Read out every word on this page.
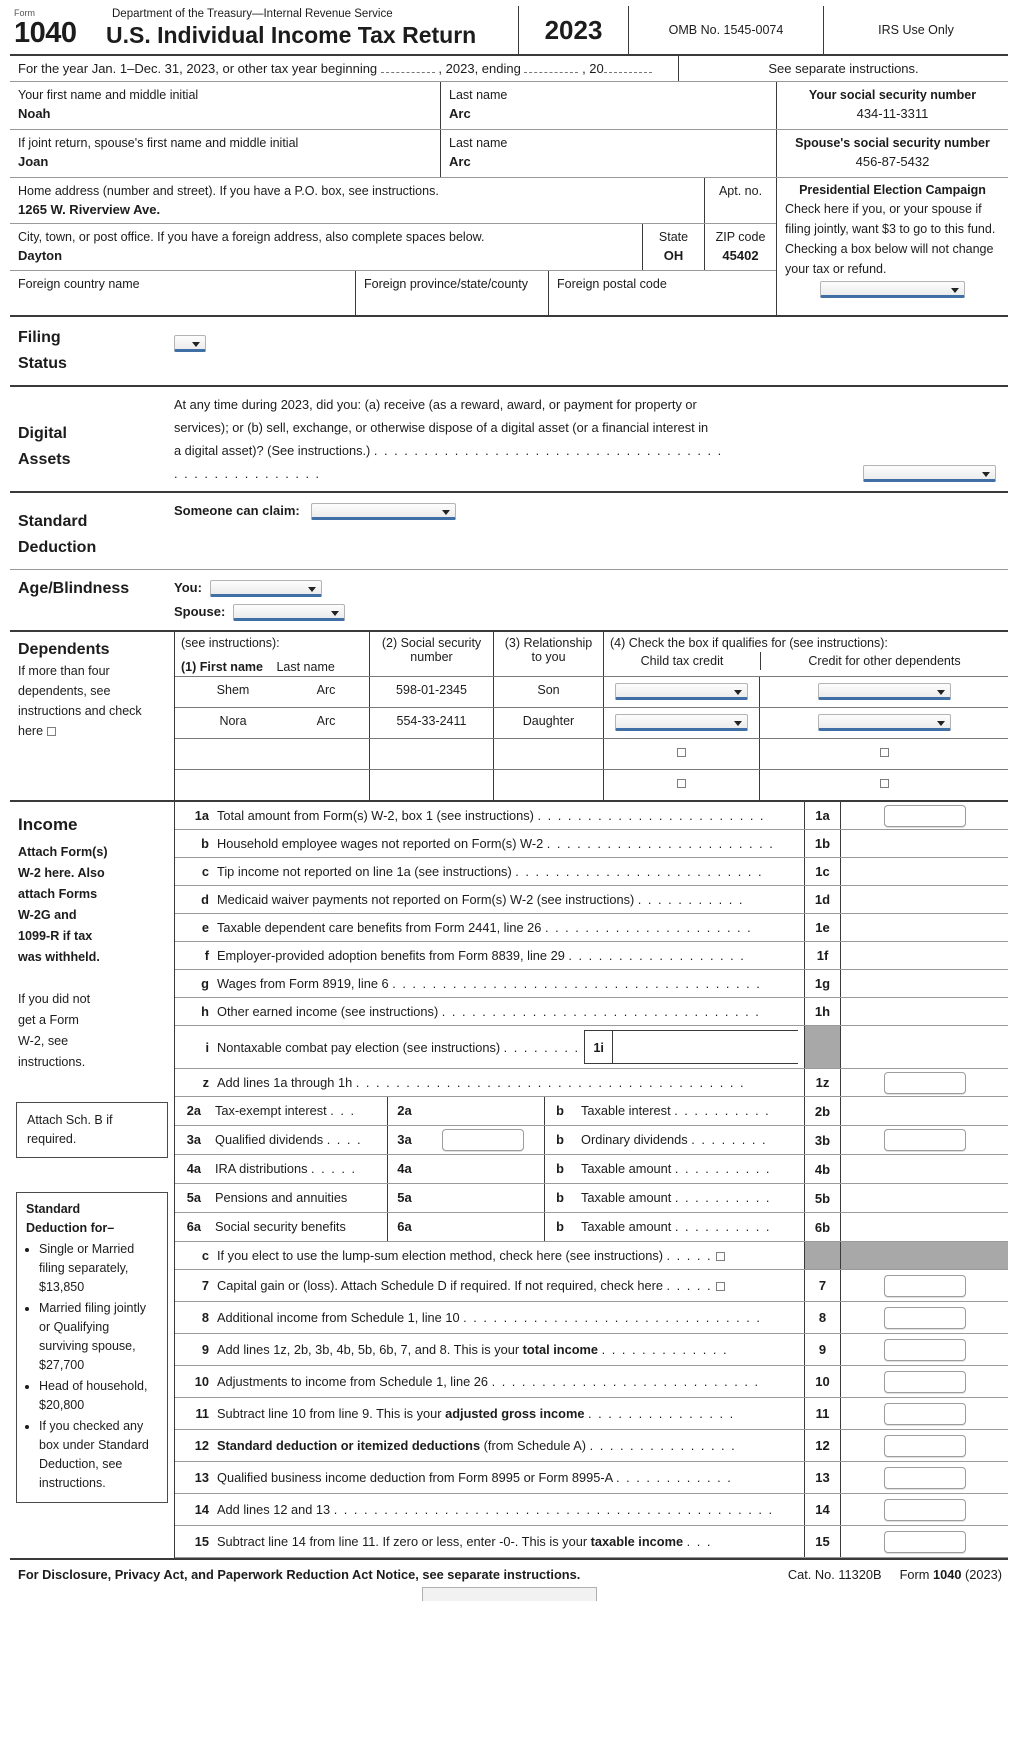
Form
1040
Department of the Treasury—Internal Revenue Service
U.S. Individual Income Tax Return	2023	OMB No. 1545-0074	IRS Use Only
For the year Jan. 1–Dec. 31, 2023, or other tax year beginning	, 2023, ending	, 20	See separate instructions.
Your first name and middle initial
Noah
Last name
Arc
Your social security number
434-11-3311
If joint return, spouse's first name and middle initial
Joan
Last name
Arc
Spouse's social security number
456-87-5432
Home address (number and street). If you have a P.O. box, see instructions.
1265 W. Riverview Ave.
Apt. no.
City, town, or post office. If you have a foreign address, also complete spaces below.
Dayton
State
OH
ZIP code
45402
Foreign country name	Foreign province/state/county	Foreign postal code
Presidential Election Campaign
Check here if you, or your spouse if filing jointly, want $3 to go to this fund. Checking a box below will not change your tax or refund.
Filing
Status
Digital
Assets
At any time during 2023, did you: (a) receive (as a reward, award, or payment for property or
services); or (b) sell, exchange, or otherwise dispose of a digital asset (or a financial interest in
a digital asset)? (See instructions.) . . . . . . . . . . . . . . . . . . . . . . . . . . . . . . . . . . .
. . . . . . . . . . . . . . .
Standard
Deduction
Someone can claim:
Age/Blindness	You:
Spouse:
Dependents
If more than four
dependents, see
instructions and check
here
(see instructions):
(1) First name Last name
(2) Social security
number
(3) Relationship
to you
(4) Check the box if qualifies for (see instructions):
Child tax credit	Credit for other dependents
Shem	Arc	598-01-2345	Son
Nora	Arc	554-33-2411	Daughter
Income
Attach Form(s)
W-2 here. Also
attach Forms
W-2G and
1099-R if tax
was withheld.

If you did not
get a Form
W-2, see
instructions.
Attach Sch. B if required.
Standard
Deduction for–
• Single or Married filing separately, $13,850
• Married filing jointly or Qualifying surviving spouse, $27,700
• Head of household, $20,800
• If you checked any box under Standard Deduction, see instructions.
1a Total amount from Form(s) W-2, box 1 (see instructions) . . . . . . . . . . . . . . . . . . . . . . .	1a
b Household employee wages not reported on Form(s) W-2 . . . . . . . . . . . . . . . . . . . . . . .	1b
c Tip income not reported on line 1a (see instructions) . . . . . . . . . . . . . . . . . . . . . . . . .	1c
d Medicaid waiver payments not reported on Form(s) W-2 (see instructions) . . . . . . . . . . .	1d
e Taxable dependent care benefits from Form 2441, line 26 . . . . . . . . . . . . . . . . . . . . .	1e
f Employer-provided adoption benefits from Form 8839, line 29 . . . . . . . . . . . . . . . . . .	1f
g Wages from Form 8919, line 6 . . . . . . . . . . . . . . . . . . . . . . . . . . . . . . . . . . . . .	1g
h Other earned income (see instructions) . . . . . . . . . . . . . . . . . . . . . . . . . . . . . . . .	1h
i Nontaxable combat pay election (see instructions) . . . . . . . .	1i
z Add lines 1a through 1h . . . . . . . . . . . . . . . . . . . . . . . . . . . . . . . . . . . . . . .	1z
2a	Tax-exempt interest . . .	2a	b	Taxable interest . . . . . . . . . .	2b
3a	Qualified dividends . . . .	3a	b	Ordinary dividends . . . . . . . .	3b
4a	IRA distributions . . . . .	4a	b	Taxable amount . . . . . . . . . .	4b
5a	Pensions and annuities	5a	b	Taxable amount . . . . . . . . . .	5b
6a	Social security benefits	6a	b	Taxable amount . . . . . . . . . .	6b
c If you elect to use the lump-sum election method, check here (see instructions) . . . . .
7 Capital gain or (loss). Attach Schedule D if required. If not required, check here . . . . .	7
8 Additional income from Schedule 1, line 10 . . . . . . . . . . . . . . . . . . . . . . . . . . . . . .	8
9 Add lines 1z, 2b, 3b, 4b, 5b, 6b, 7, and 8. This is your total income . . . . . . . . . . . . .	9
10 Adjustments to income from Schedule 1, line 26 . . . . . . . . . . . . . . . . . . . . . . . . . . .	10
11 Subtract line 10 from line 9. This is your adjusted gross income . . . . . . . . . . . . . . .	11
12 Standard deduction or itemized deductions (from Schedule A) . . . . . . . . . . . . . . .	12
13 Qualified business income deduction from Form 8995 or Form 8995-A . . . . . . . . . . . .	13
14 Add lines 12 and 13 . . . . . . . . . . . . . . . . . . . . . . . . . . . . . . . . . . . . . . . . . . . .	14
15 Subtract line 14 from line 11. If zero or less, enter -0-. This is your taxable income . . .	15
For Disclosure, Privacy Act, and Paperwork Reduction Act Notice, see separate instructions.	Cat. No. 11320B	Form 1040 (2023)
